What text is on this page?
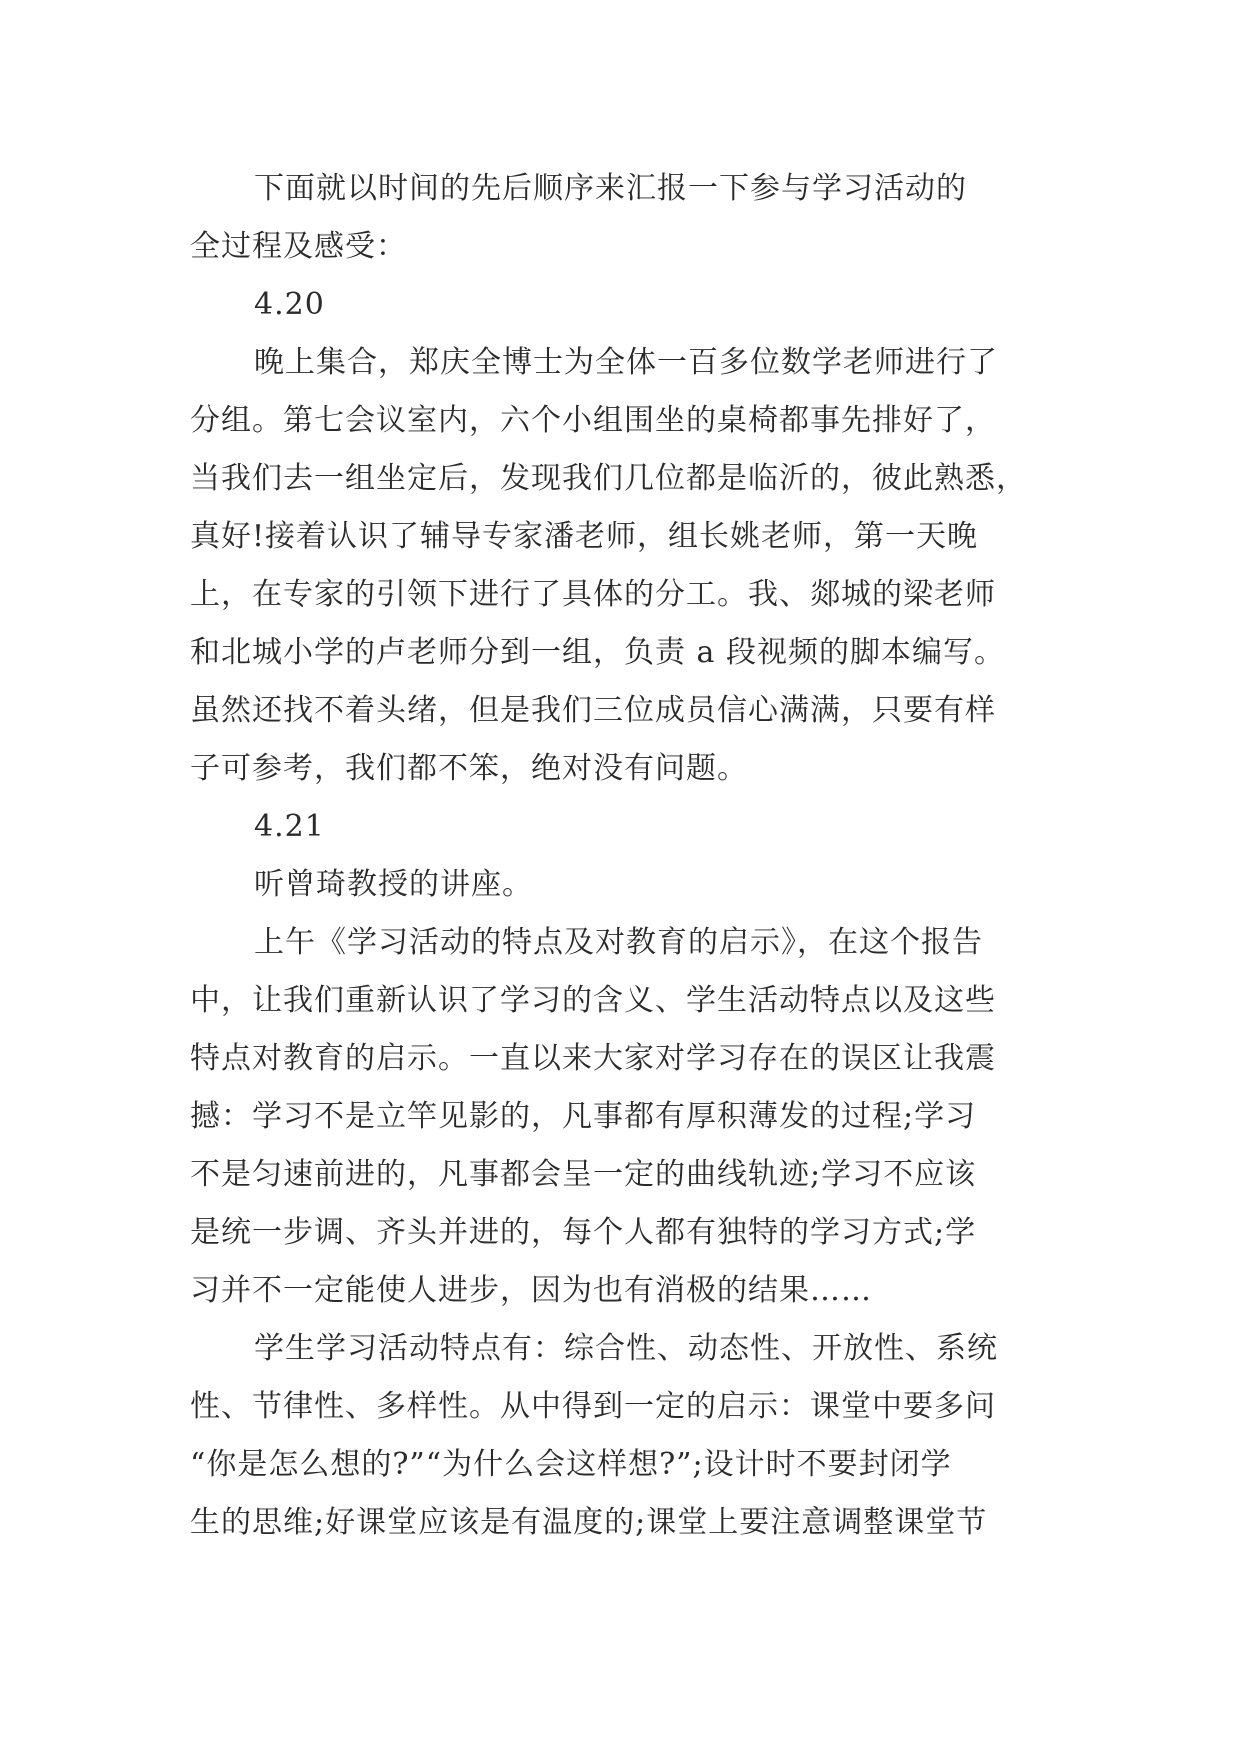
下面就以时间的先后顺序来汇报一下参与学习活动的
全过程及感受：
4.20
晚上集合，郑庆全博士为全体一百多位数学老师进行了
分组。第七会议室内，六个小组围坐的桌椅都事先排好了，
当我们去一组坐定后，发现我们几位都是临沂的，彼此熟悉，
真好!接着认识了辅导专家潘老师，组长姚老师，第一天晚
上，在专家的引领下进行了具体的分工。我、郯城的梁老师
和北城小学的卢老师分到一组，负责 a 段视频的脚本编写。
虽然还找不着头绪，但是我们三位成员信心满满，只要有样
子可参考，我们都不笨，绝对没有问题。
4.21
听曾琦教授的讲座。
上午《学习活动的特点及对教育的启示》，在这个报告
中，让我们重新认识了学习的含义、学生活动特点以及这些
特点对教育的启示。一直以来大家对学习存在的误区让我震
撼：学习不是立竿见影的，凡事都有厚积薄发的过程;学习
不是匀速前进的，凡事都会呈一定的曲线轨迹;学习不应该
是统一步调、齐头并进的，每个人都有独特的学习方式;学
习并不一定能使人进步，因为也有消极的结果……
学生学习活动特点有：综合性、动态性、开放性、系统
性、节律性、多样性。从中得到一定的启示：课堂中要多问
“你是怎么想的?”“为什么会这样想?”;设计时不要封闭学
生的思维;好课堂应该是有温度的;课堂上要注意调整课堂节
